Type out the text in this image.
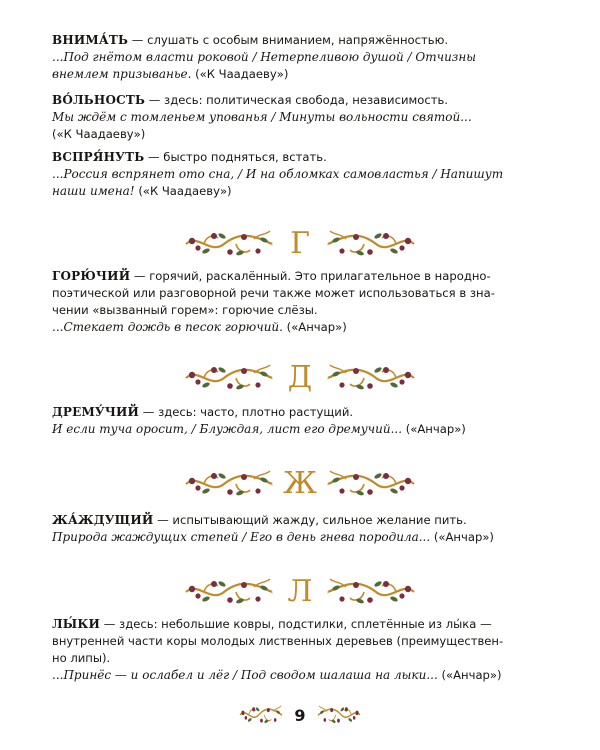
ВНИМА́ТЬ — слушать с особым вниманием, напряжённостью.
...Под гнётом власти роковой / Нетерпеливою душой / Отчизны
внемлем призыванье. («К Чаадаеву»)
ВО́ЛЬНОСТЬ — здесь: политическая свобода, независимость.
Мы ждём с томленьем упованья / Минуты вольности святой...
(«К Чаадаеву»)
ВСПРЯ́НУТЬ — быстро подняться, встать.
...Россия вспрянет ото сна, / И на обломках самовластья / Напишут
наши имена! («К Чаадаеву»)
Г
ГОРЮ́ЧИЙ — горячий, раскалённый. Это прилагательное в народно-
поэтической или разговорной речи также может использоваться в зна-
чении «вызванный горем»: горючие слёзы.
...Стекает дождь в песок горючий. («Анчар»)
Д
ДРЕМУ́ЧИЙ — здесь: часто, плотно растущий.
И если туча оросит, / Блуждая, лист его дремучий... («Анчар»)
Ж
ЖА́ЖДУЩИЙ — испытывающий жажду, сильное желание пить.
Природа жаждущих степей / Его в день гнева породила... («Анчар»)
Л
ЛЫ́КИ — здесь: небольшие ковры, подстилки, сплетённые из лы́ка —
внутренней части коры молодых лиственных деревьев (преимуществен-
но липы).
...Принёс — и ослабел и лёг / Под сводом шалаша на лыки... («Анчар»)
9
